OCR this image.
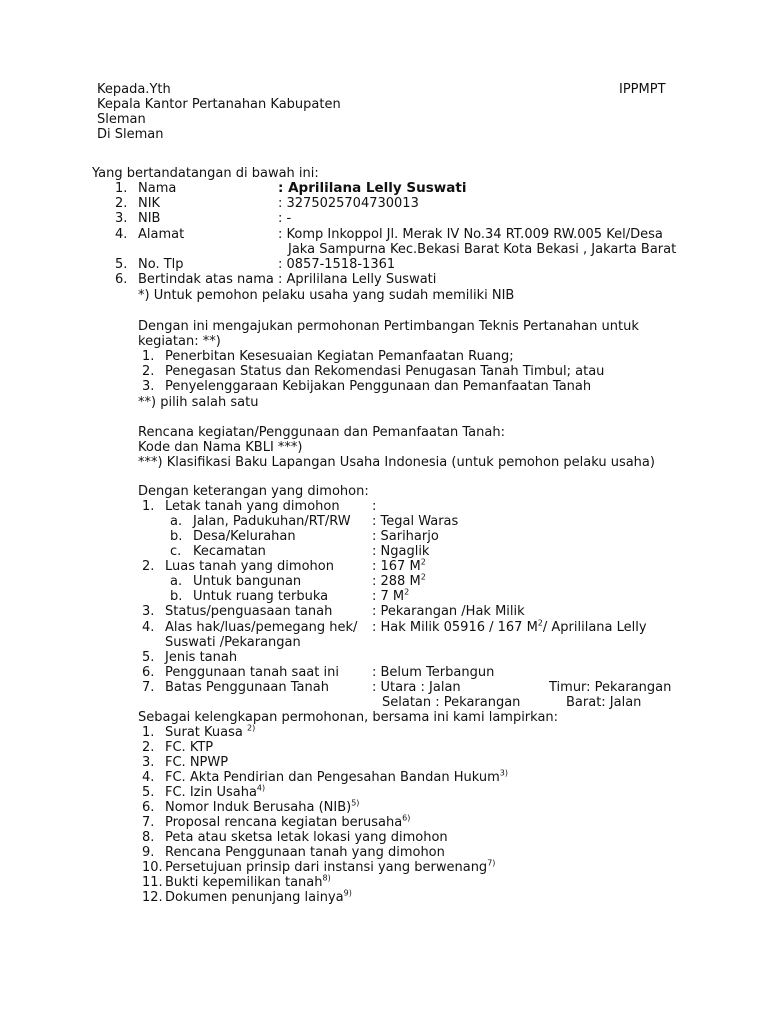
Kepada.Yth	IPPMPT
Kepala Kantor Pertanahan Kabupaten
Sleman
Di Sleman
Yang bertandatangan di bawah ini:
1. Nama	: Aprililana Lelly Suswati
2. NIK	: 3275025704730013
3. NIB	: -
4. Alamat	: Komp Inkoppol Jl. Merak IV No.34 RT.009 RW.005 Kel/Desa
Jaka Sampurna Kec.Bekasi Barat Kota Bekasi , Jakarta Barat
5. No. Tlp	: 0857-1518-1361
6. Bertindak atas nama : Aprililana Lelly Suswati
*) Untuk pemohon pelaku usaha yang sudah memiliki NIB
Dengan ini mengajukan permohonan Pertimbangan Teknis Pertanahan untuk
kegiatan: **)
1. Penerbitan Kesesuaian Kegiatan Pemanfaatan Ruang;
2. Penegasan Status dan Rekomendasi Penugasan Tanah Timbul; atau
3. Penyelenggaraan Kebijakan Penggunaan dan Pemanfaatan Tanah
**) pilih salah satu
Rencana kegiatan/Penggunaan dan Pemanfaatan Tanah:
Kode dan Nama KBLI ***)
***) Klasifikasi Baku Lapangan Usaha Indonesia (untuk pemohon pelaku usaha)
Dengan keterangan yang dimohon:
1. Letak tanah yang dimohon :
a. Jalan, Padukuhan/RT/RW : Tegal Waras
b. Desa/Kelurahan	: Sariharjo
c. Kecamatan	: Ngaglik
2. Luas tanah yang dimohon	: 167 $M^2$
a. Untuk bangunan	: 288 $M^2$
b. Untuk ruang terbuka	: 7 $M^2$
3. Status/penguasaan tanah	: Pekarangan /Hak Milik
4. Alas hak/luas/pemegang hek/ : Hak Milik 05916 / 167 $M^2/$ Aprililana Lelly
Suswati /Pekarangan
5. Jenis tanah
6. Penggunaan tanah saat ini	: Belum Terbangun
7. Batas Penggunaan Tanah	: Utara : Jalan	Timur: Pekarangan
Selatan : Pekarangan	Barat: Jalan
Sebagai kelengkapan permohonan, bersama ini kami lampirkan:
1. Surat Kuasa $^{2)}$
2. FC. KTP
3. FC. NPWP
4. FC. Akta Pendirian dan Pengesahan Bandan Hukum$^{3)}$
5. FC. Izin Usaha$^{4)}$
6. Nomor Induk Berusaha (NIB)$^{5)}$
7. Proposal rencana kegiatan berusaha$^{6)}$
8. Peta atau sketsa letak lokasi yang dimohon
9. Rencana Penggunaan tanah yang dimohon
10. Persetujuan prinsip dari instansi yang berwenang$^{7)}$
11. Bukti kepemilikan tanah$^{8)}$
12. Dokumen penunjang lainya$^{9)}$
